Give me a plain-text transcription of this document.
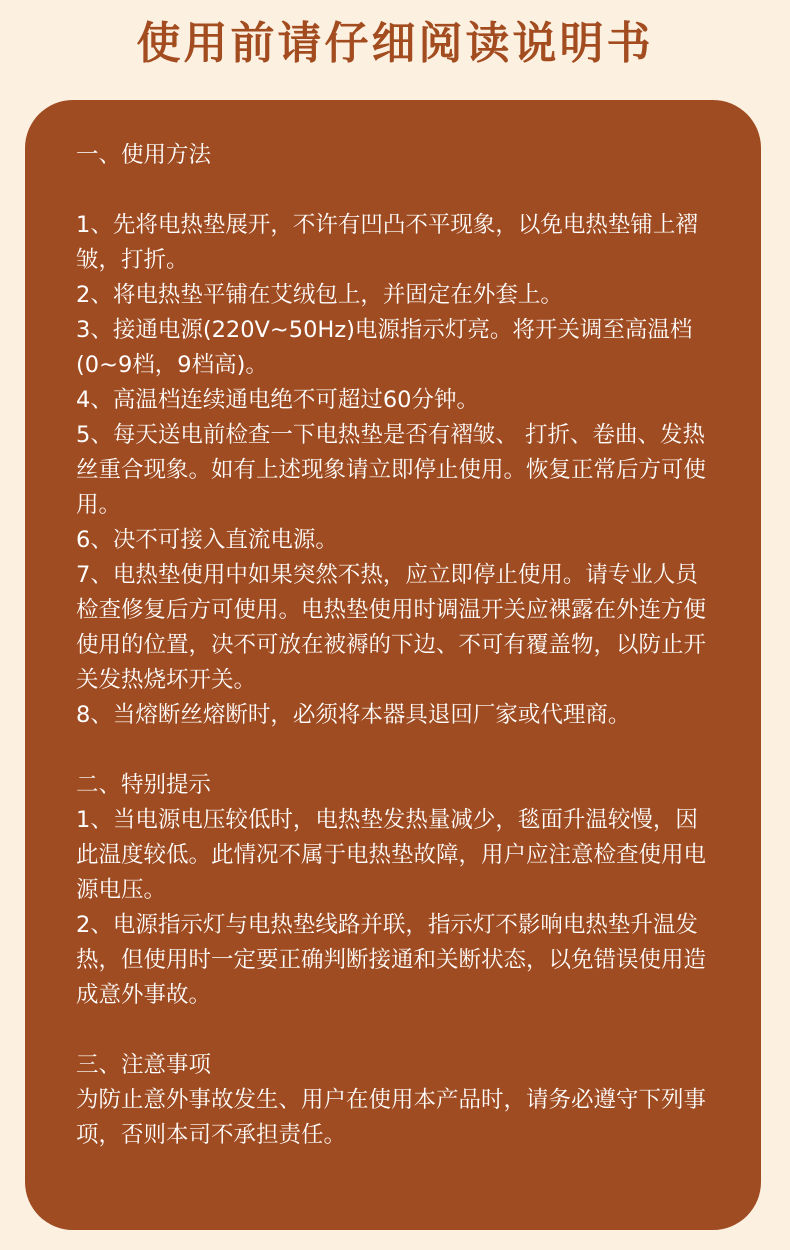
使用前请仔细阅读说明书

一、使用方法

1、先将电热垫展开，不许有凹凸不平现象，以免电热垫铺上褶皱，打折。

2、将电热垫平铺在艾绒包上，并固定在外套上。

3、接通电源(220V~50Hz)电源指示灯亮。将开关调至高温档(0~9档，9档高)。

4、高温档连续通电绝不可超过60分钟。

5、每天送电前检查一下电热垫是否有褶皱、 打折、卷曲、发热丝重合现象。如有上述现象请立即停止使用。恢复正常后方可使用。

6、决不可接入直流电源。

7、电热垫使用中如果突然不热，应立即停止使用。请专业人员检查修复后方可使用。电热垫使用时调温开关应裸露在外连方便使用的位置，决不可放在被褥的下边、不可有覆盖物，以防止开关发热烧坏开关。

8、当熔断丝熔断时，必须将本器具退回厂家或代理商。

二、特别提示

1、当电源电压较低时，电热垫发热量减少，毯面升温较慢，因此温度较低。此情况不属于电热垫故障，用户应注意检查使用电源电压。

2、电源指示灯与电热垫线路并联，指示灯不影响电热垫升温发热，但使用时一定要正确判断接通和关断状态，以免错误使用造成意外事故。

三、注意事项

为防止意外事故发生、用户在使用本产品时，请务必遵守下列事项，否则本司不承担责任。
